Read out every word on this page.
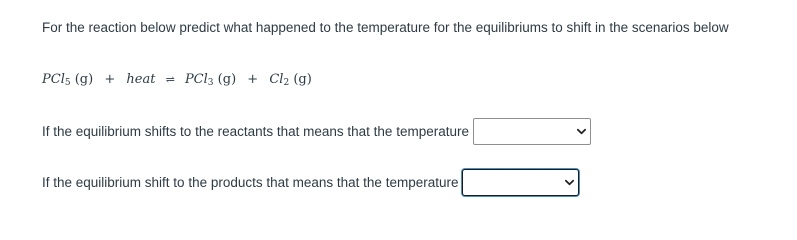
For the reaction below predict what happened to the temperature for the equilibriums to shift in the scenarios below
PCl$_5$ (g) + heat ⇌ PCl$_3$ $(g) + Cl_2$ (g)
If the equilibrium shifts to the reactants that means that the temperature
If the equilibrium shift to the products that means that the temperature
